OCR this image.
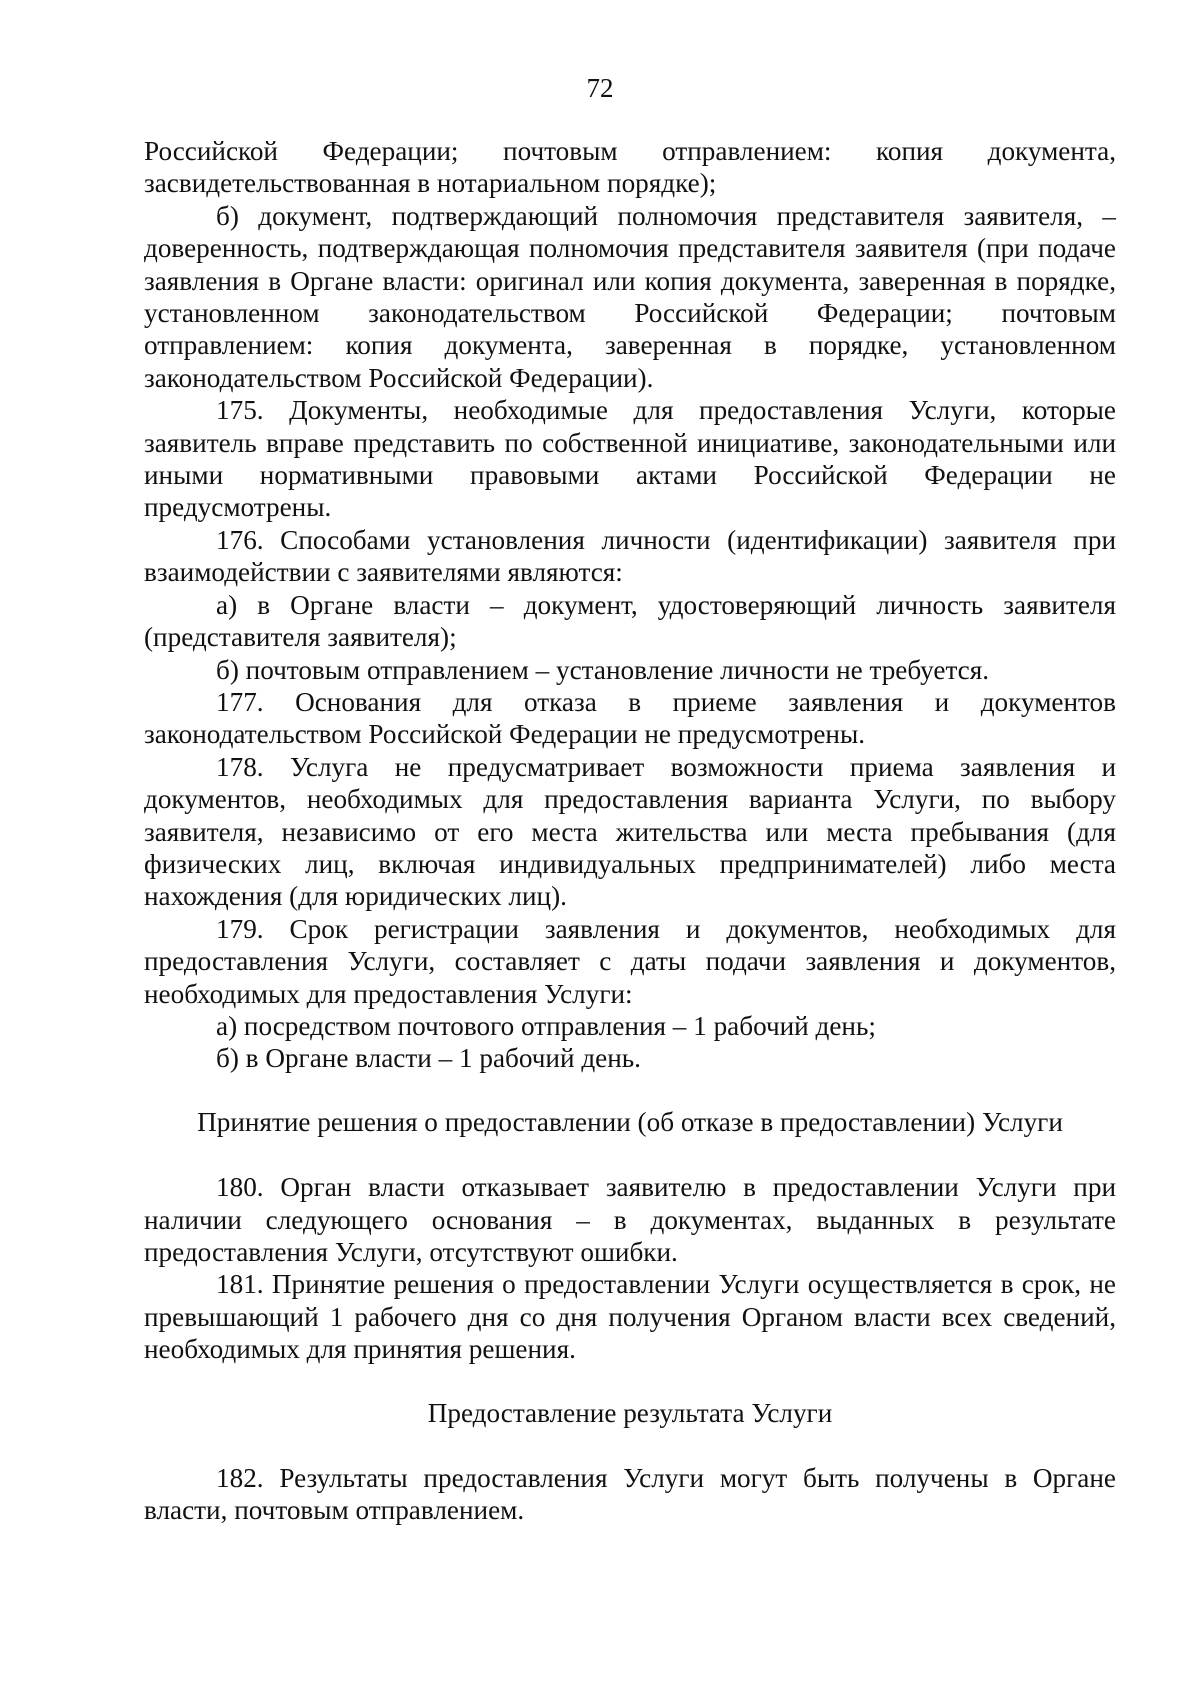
72

Российской Федерации; почтовым отправлением: копия документа, засвидетельствованная в нотариальном порядке);

б) документ, подтверждающий полномочия представителя заявителя, – доверенность, подтверждающая полномочия представителя заявителя (при подаче заявления в Органе власти: оригинал или копия документа, заверенная в порядке, установленном законодательством Российской Федерации; почтовым отправлением: копия документа, заверенная в порядке, установленном законодательством Российской Федерации).

175. Документы, необходимые для предоставления Услуги, которые заявитель вправе представить по собственной инициативе, законодательными или иными нормативными правовыми актами Российской Федерации не предусмотрены.

176. Способами установления личности (идентификации) заявителя при взаимодействии с заявителями являются:

а) в Органе власти – документ, удостоверяющий личность заявителя (представителя заявителя);

б) почтовым отправлением – установление личности не требуется.

177. Основания для отказа в приеме заявления и документов законодательством Российской Федерации не предусмотрены.

178. Услуга не предусматривает возможности приема заявления и документов, необходимых для предоставления варианта Услуги, по выбору заявителя, независимо от его места жительства или места пребывания (для физических лиц, включая индивидуальных предпринимателей) либо места нахождения (для юридических лиц).

179. Срок регистрации заявления и документов, необходимых для предоставления Услуги, составляет с даты подачи заявления и документов, необходимых для предоставления Услуги:

а) посредством почтового отправления – 1 рабочий день;

б) в Органе власти – 1 рабочий день.

Принятие решения о предоставлении (об отказе в предоставлении) Услуги

180. Орган власти отказывает заявителю в предоставлении Услуги при наличии следующего основания – в документах, выданных в результате предоставления Услуги, отсутствуют ошибки.

181. Принятие решения о предоставлении Услуги осуществляется в срок, не превышающий 1 рабочего дня со дня получения Органом власти всех сведений, необходимых для принятия решения.

Предоставление результата Услуги

182. Результаты предоставления Услуги могут быть получены в Органе власти, почтовым отправлением.
